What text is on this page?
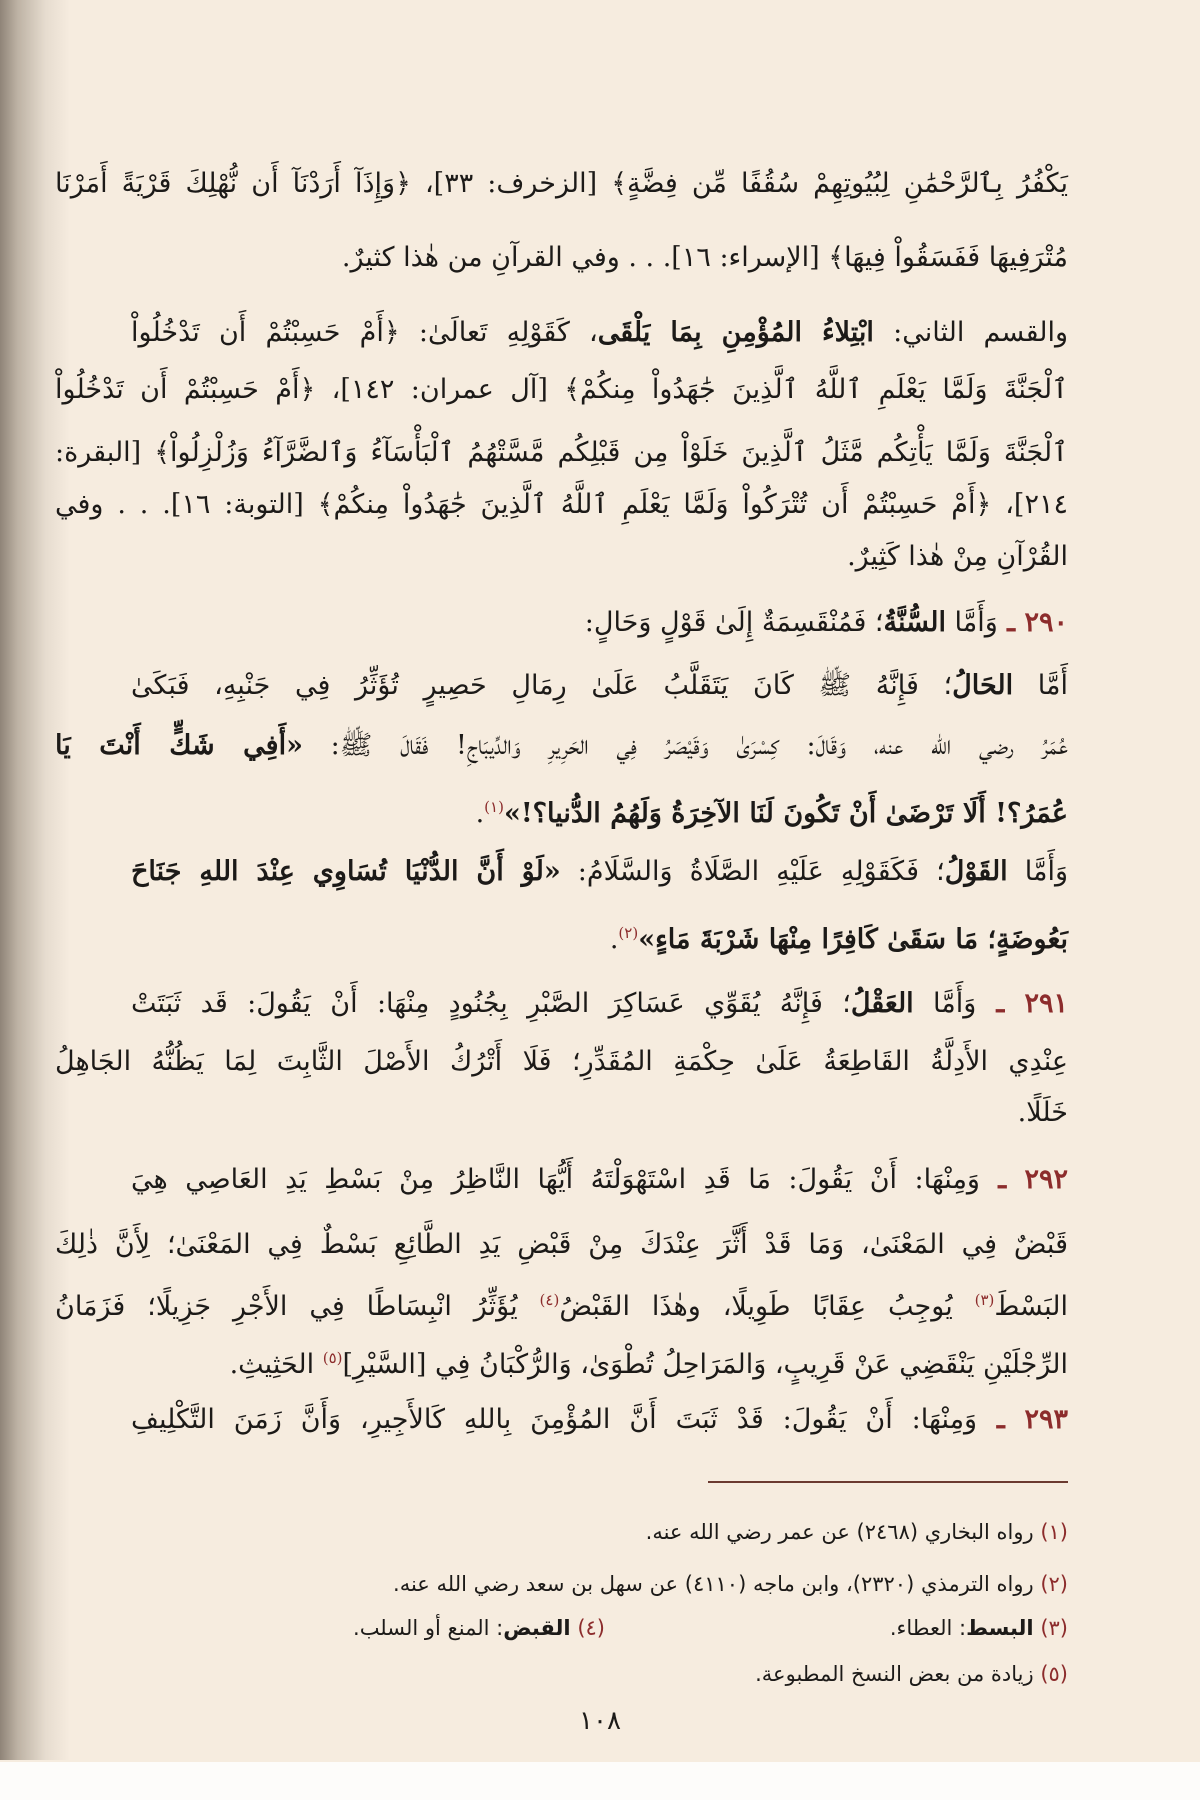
يَكْفُرُ بِٱلرَّحْمَٰنِ لِبُيُوتِهِمْ سُقُفًا مِّن فِضَّةٍ﴾ [الزخرف: ٣٣]، ﴿وَإِذَآ أَرَدْنَآ أَن نُّهْلِكَ قَرْيَةً أَمَرْنَا
مُتْرَفِيهَا فَفَسَقُواْ فِيهَا﴾ [الإسراء: ١٦]. . . وفي القرآنِ من هٰذا كثيرٌ.
والقسم الثاني: ابْتِلاءُ المُؤْمِنِ بِمَا يَلْقَى، كَقَوْلِهِ تَعالَىٰ: ﴿أَمْ حَسِبْتُمْ أَن تَدْخُلُواْ
ٱلْجَنَّةَ وَلَمَّا يَعْلَمِ ٱللَّهُ ٱلَّذِينَ جَٰهَدُواْ مِنكُمْ﴾ [آل عمران: ١٤٢]، ﴿أَمْ حَسِبْتُمْ أَن تَدْخُلُواْ
ٱلْجَنَّةَ وَلَمَّا يَأْتِكُم مَّثَلُ ٱلَّذِينَ خَلَوْاْ مِن قَبْلِكُم مَّسَّتْهُمُ ٱلْبَأْسَآءُ وَٱلضَّرَّآءُ وَزُلْزِلُواْ﴾ [البقرة:
٢١٤]، ﴿أَمْ حَسِبْتُمْ أَن تُتْرَكُواْ وَلَمَّا يَعْلَمِ ٱللَّهُ ٱلَّذِينَ جَٰهَدُواْ مِنكُمْ﴾ [التوبة: ١٦]. . . وفي
القُرْآنِ مِنْ هٰذا كَثِيرٌ.
٢٩٠ ـ وَأَمَّا السُّنَّةُ؛ فَمُنْقَسِمَةٌ إِلَىٰ قَوْلٍ وَحَالٍ:
أَمَّا الحَالُ؛ فَإِنَّهُ ﷺ كَانَ يَتَقَلَّبُ عَلَىٰ رِمَالِ حَصِيرٍ تُؤَثِّرُ فِي جَنْبِهِ، فَبَكَىٰ
عُمَرُ رضي الله عنه، وَقَالَ: كِسْرَىٰ وَقَيْصَرُ فِي الحَرِيرِ وَالدِّيبَاجِ! فَقَالَ ﷺ: «أَفِي شَكٍّ أَنْتَ يَا
عُمَرُ؟! أَلَا تَرْضَىٰ أَنْ تَكُونَ لَنَا الآخِرَةُ وَلَهُمُ الدُّنيا؟!»$^{(١)}$.
وَأَمَّا القَوْلُ؛ فَكَقَوْلِهِ عَلَيْهِ الصَّلَاةُ وَالسَّلَامُ: «لَوْ أَنَّ الدُّنْيَا تُسَاوِي عِنْدَ اللهِ جَنَاحَ
بَعُوضَةٍ؛ مَا سَقَىٰ كَافِرًا مِنْهَا شَرْبَةَ مَاءٍ»$^{(٢)}$.
٢٩١ ـ وَأَمَّا العَقْلُ؛ فَإِنَّهُ يُقَوِّي عَسَاكِرَ الصَّبْرِ بِجُنُودٍ مِنْهَا: أَنْ يَقُولَ: قَد ثَبَتَتْ
عِنْدِي الأَدِلَّةُ القَاطِعَةُ عَلَىٰ حِكْمَةِ المُقَدِّرِ؛ فَلَا أَتْرُكُ الأَصْلَ الثَّابِتَ لِمَا يَظُنُّهُ الجَاهِلُ
خَلَلًا.
٢٩٢ ـ وَمِنْهَا: أَنْ يَقُولَ: مَا قَدِ اسْتَهْوَلْتَهُ أَيُّهَا النَّاظِرُ مِنْ بَسْطِ يَدِ العَاصِي هِيَ
قَبْضٌ فِي المَعْنَىٰ، وَمَا قَدْ أَثَّرَ عِنْدَكَ مِنْ قَبْضِ يَدِ الطَّائِعِ بَسْطٌ فِي المَعْنَىٰ؛ لِأَنَّ ذٰلِكَ
البَسْطَ$^{(٣)}$ يُوجِبُ عِقَابًا طَوِيلًا، وهٰذَا القَبْضُ$^{(٤)}$ يُؤَثِّرُ انْبِسَاطًا فِي الأَجْرِ جَزِيلًا؛ فَزَمَانُ
الرِّجْلَيْنِ يَنْقَضِي عَنْ قَرِيبٍ، وَالمَرَاحِلُ تُطْوَىٰ، وَالرُّكْبَانُ فِي [السَّيْرِ]$^{(٥)}$ الحَثِيثِ.
٢٩٣ ـ وَمِنْهَا: أَنْ يَقُولَ: قَدْ ثَبَتَ أَنَّ المُؤْمِنَ بِاللهِ كَالأَجِيرِ، وَأَنَّ زَمَنَ التَّكْلِيفِ
(١) رواه البخاري (٢٤٦٨) عن عمر رضي الله عنه.
(٢) رواه الترمذي (٢٣٢٠)، وابن ماجه (٤١١٠) عن سهل بن سعد رضي الله عنه.
(٣) البسط: العطاء.
(٤) القبض: المنع أو السلب.
(٥) زيادة من بعض النسخ المطبوعة.
١٠٨
